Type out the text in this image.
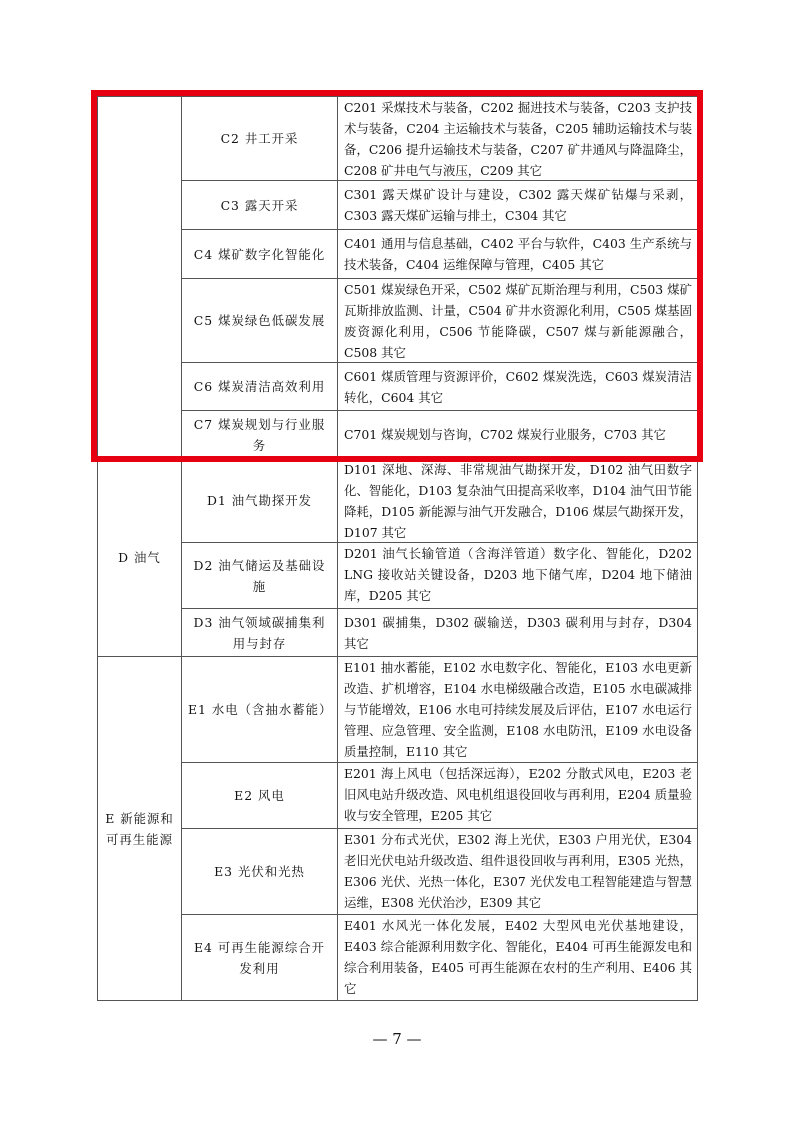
C2 井工开采
C201 采煤技术与装备，C202 掘进技术与装备，C203 支护技术与装备，C204 主运输技术与装备，C205 辅助运输技术与装备，C206 提升运输技术与装备，C207 矿井通风与降温降尘，C208 矿井电气与液压，C209 其它
C3 露天开采
C301 露天煤矿设计与建设，C302 露天煤矿钻爆与采剥，C303 露天煤矿运输与排土，C304 其它
C4 煤矿数字化智能化
C401 通用与信息基础，C402 平台与软件，C403 生产系统与技术装备，C404 运维保障与管理，C405 其它
C5 煤炭绿色低碳发展
C501 煤炭绿色开采，C502 煤矿瓦斯治理与利用，C503 煤矿瓦斯排放监测、计量，C504 矿井水资源化利用，C505 煤基固废资源化利用，C506 节能降碳，C507 煤与新能源融合，C508 其它
C6 煤炭清洁高效利用
C601 煤质管理与资源评价，C602 煤炭洗选，C603 煤炭清洁转化，C604 其它
C7 煤炭规划与行业服务
C701 煤炭规划与咨询，C702 煤炭行业服务，C703 其它
D 油气
D1 油气勘探开发
D101 深地、深海、非常规油气勘探开发，D102 油气田数字化、智能化，D103 复杂油气田提高采收率，D104 油气田节能降耗，D105 新能源与油气开发融合，D106 煤层气勘探开发，D107 其它
D2 油气储运及基础设施
D201 油气长输管道（含海洋管道）数字化、智能化，D202 LNG 接收站关键设备，D203 地下储气库，D204 地下储油库，D205 其它
D3 油气领域碳捕集利用与封存
D301 碳捕集，D302 碳输送，D303 碳利用与封存，D304 其它
E 新能源和可再生能源
E1 水电（含抽水蓄能）
E101 抽水蓄能，E102 水电数字化、智能化，E103 水电更新改造、扩机增容，E104 水电梯级融合改造，E105 水电碳减排与节能增效，E106 水电可持续发展及后评估，E107 水电运行管理、应急管理、安全监测，E108 水电防汛，E109 水电设备质量控制，E110 其它
E2 风电
E201 海上风电（包括深远海），E202 分散式风电，E203 老旧风电站升级改造、风电机组退役回收与再利用，E204 质量验收与安全管理，E205 其它
E3 光伏和光热
E301 分布式光伏，E302 海上光伏，E303 户用光伏，E304 老旧光伏电站升级改造、组件退役回收与再利用，E305 光热，E306 光伏、光热一体化，E307 光伏发电工程智能建造与智慧运维，E308 光伏治沙，E309 其它
E4 可再生能源综合开发利用
E401 水风光一体化发展，E402 大型风电光伏基地建设，E403 综合能源利用数字化、智能化，E404 可再生能源发电和综合利用装备，E405 可再生能源在农村的生产利用、E406 其它
— 7 —
